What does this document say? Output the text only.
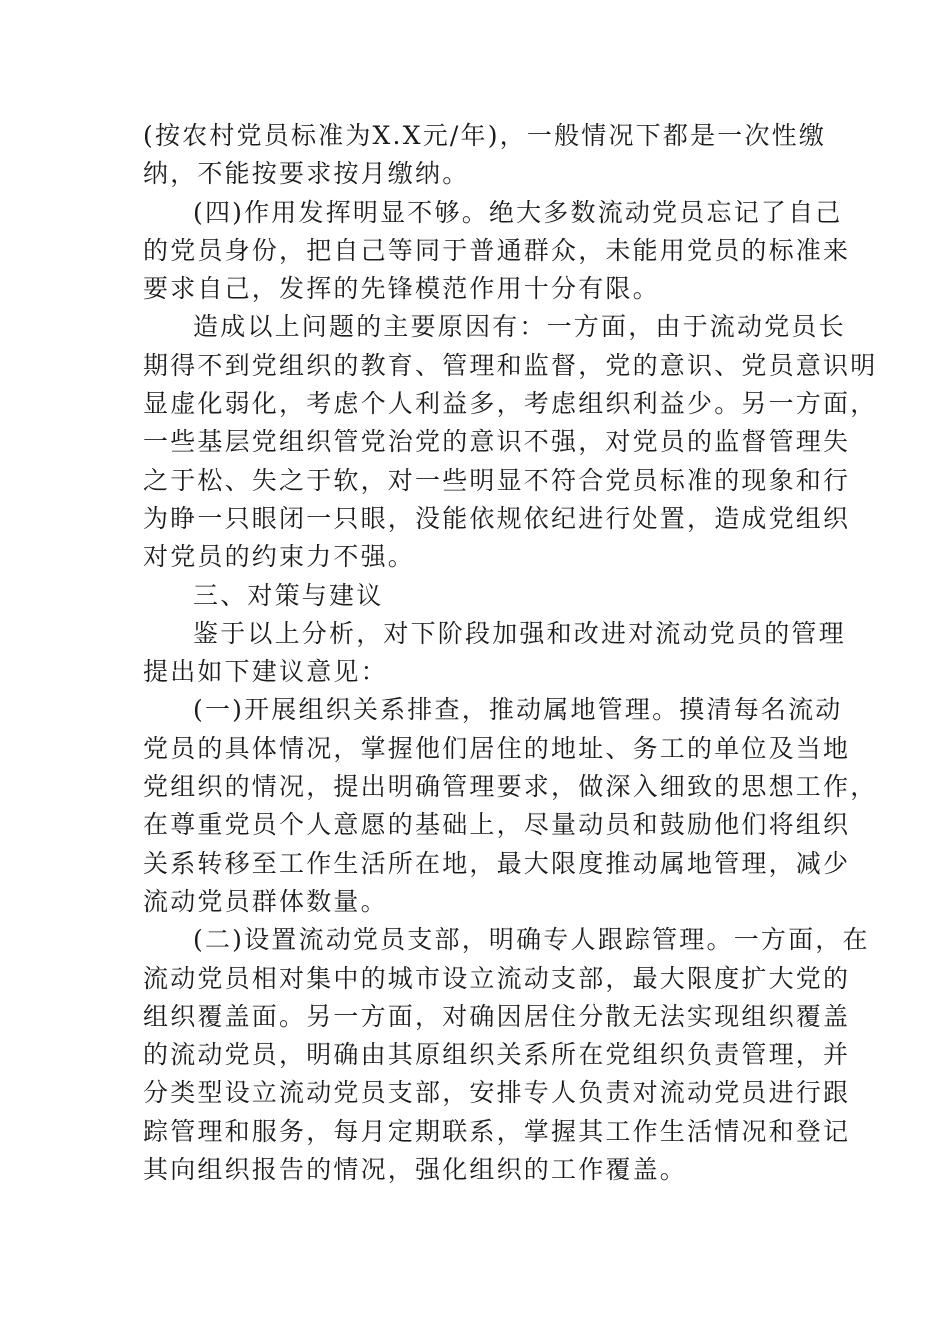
(按农村党员标准为X.X元/年)，一般情况下都是一次性缴
纳，不能按要求按月缴纳。

(四)作用发挥明显不够。绝大多数流动党员忘记了自己
的党员身份，把自己等同于普通群众，未能用党员的标准来
要求自己，发挥的先锋模范作用十分有限。

造成以上问题的主要原因有：一方面，由于流动党员长
期得不到党组织的教育、管理和监督，党的意识、党员意识明
显虚化弱化，考虑个人利益多，考虑组织利益少。另一方面，
一些基层党组织管党治党的意识不强，对党员的监督管理失
之于松、失之于软，对一些明显不符合党员标准的现象和行
为睁一只眼闭一只眼，没能依规依纪进行处置，造成党组织
对党员的约束力不强。

三、对策与建议

鉴于以上分析，对下阶段加强和改进对流动党员的管理
提出如下建议意见：

(一)开展组织关系排查，推动属地管理。摸清每名流动
党员的具体情况，掌握他们居住的地址、务工的单位及当地
党组织的情况，提出明确管理要求，做深入细致的思想工作，
在尊重党员个人意愿的基础上，尽量动员和鼓励他们将组织
关系转移至工作生活所在地，最大限度推动属地管理，减少
流动党员群体数量。

(二)设置流动党员支部，明确专人跟踪管理。一方面，在
流动党员相对集中的城市设立流动支部，最大限度扩大党的
组织覆盖面。另一方面，对确因居住分散无法实现组织覆盖
的流动党员，明确由其原组织关系所在党组织负责管理，并
分类型设立流动党员支部，安排专人负责对流动党员进行跟
踪管理和服务，每月定期联系，掌握其工作生活情况和登记
其向组织报告的情况，强化组织的工作覆盖。
